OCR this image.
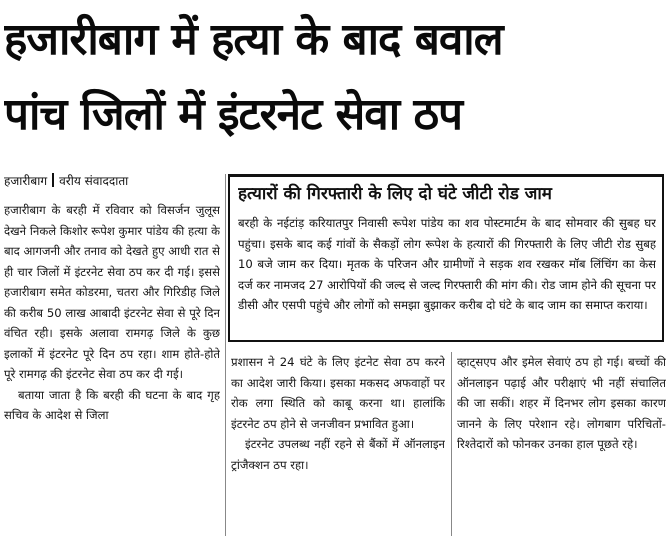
हजारीबाग में हत्या के बाद बवाल
पांच जिलों में इंटरनेट सेवा ठप
हजारीबाग वरीय संवाददाता

हजारीबाग के बरही में रविवार को विसर्जन जुलूस देखने निकले किशोर रूपेश कुमार पांडेय की हत्या के बाद आगजनी और तनाव को देखते हुए आधी रात से ही चार जिलों में इंटरनेट सेवा ठप कर दी गई। इससे हजारीबाग समेत कोडरमा, चतरा और गिरिडीह जिले की करीब 50 लाख आबादी इंटरनेट सेवा से पूरे दिन वंचित रही। इसके अलावा रामगढ़ जिले के कुछ इलाकों में इंटरनेट पूरे दिन ठप रहा। शाम होते-होते पूरे रामगढ़ की इंटरनेट सेवा ठप कर दी गई।

बताया जाता है कि बरही की घटना के बाद गृह सचिव के आदेश से जिला

हत्यारों की गिरफ्तारी के लिए दो घंटे जीटी रोड जाम
बरही के नईटांड़ करियातपुर निवासी रूपेश पांडेय का शव पोस्टमार्टम के बाद सोमवार की सुबह घर पहुंचा। इसके बाद कई गांवों के सैकड़ों लोग रूपेश के हत्यारों की गिरफ्तारी के लिए जीटी रोड सुबह 10 बजे जाम कर दिया। मृतक के परिजन और ग्रामीणों ने सड़क शव रखकर मॉब लिंचिंग का केस दर्ज कर नामजद 27 आरोपियों की जल्द से जल्द गिरफ्तारी की मांग की। रोड जाम होने की सूचना पर डीसी और एसपी पहुंचे और लोगों को समझा बुझाकर करीब दो घंटे के बाद जाम का समाप्त कराया।

प्रशासन ने 24 घंटे के लिए इंटनेट सेवा ठप करने का आदेश जारी किया। इसका मकसद अफवाहों पर रोक लगा स्थिति को काबू करना था। हालांकि इंटरनेट ठप होने से जनजीवन प्रभावित हुआ।

इंटरनेट उपलब्ध नहीं रहने से बैंकों में ऑनलाइन ट्रांजैक्शन ठप रहा।

व्हाट्सएप और इमेल सेवाएं ठप हो गई। बच्चों की ऑनलाइन पढ़ाई और परीक्षाएं भी नहीं संचालित की जा सकीं। शहर में दिनभर लोग इसका कारण जानने के लिए परेशान रहे। लोगबाग परिचितों-रिश्तेदारों को फोनकर उनका हाल पूछते रहे।
